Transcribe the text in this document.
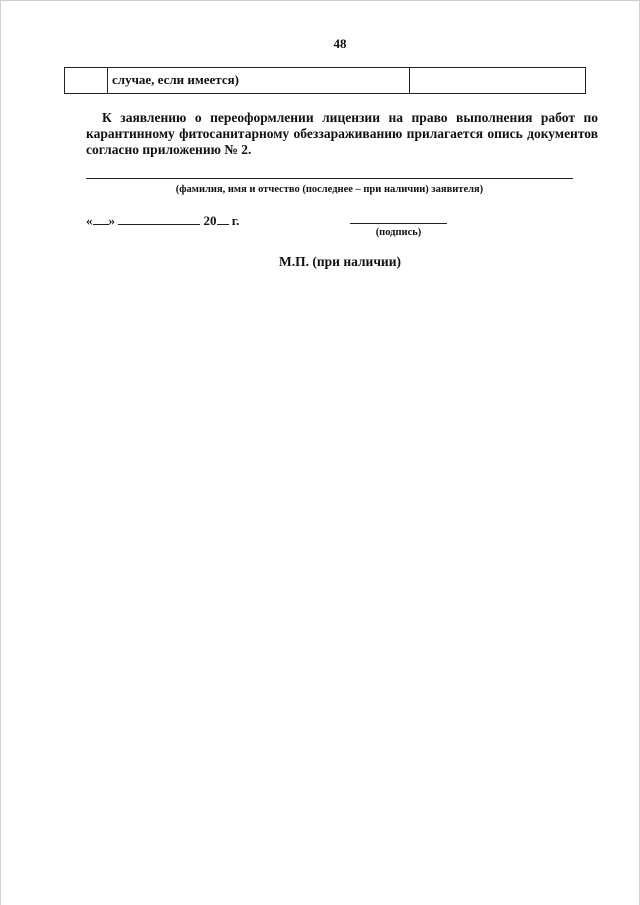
48
случае, если имеется)
К заявлению о переоформлении лицензии на право выполнения работ по карантинному фитосанитарному обеззараживанию прилагается опись документов согласно приложению № 2.
(фамилия, имя и отчество (последнее – при наличии) заявителя)
« »	20 г.
(подпись)
М.П. (при наличии)
